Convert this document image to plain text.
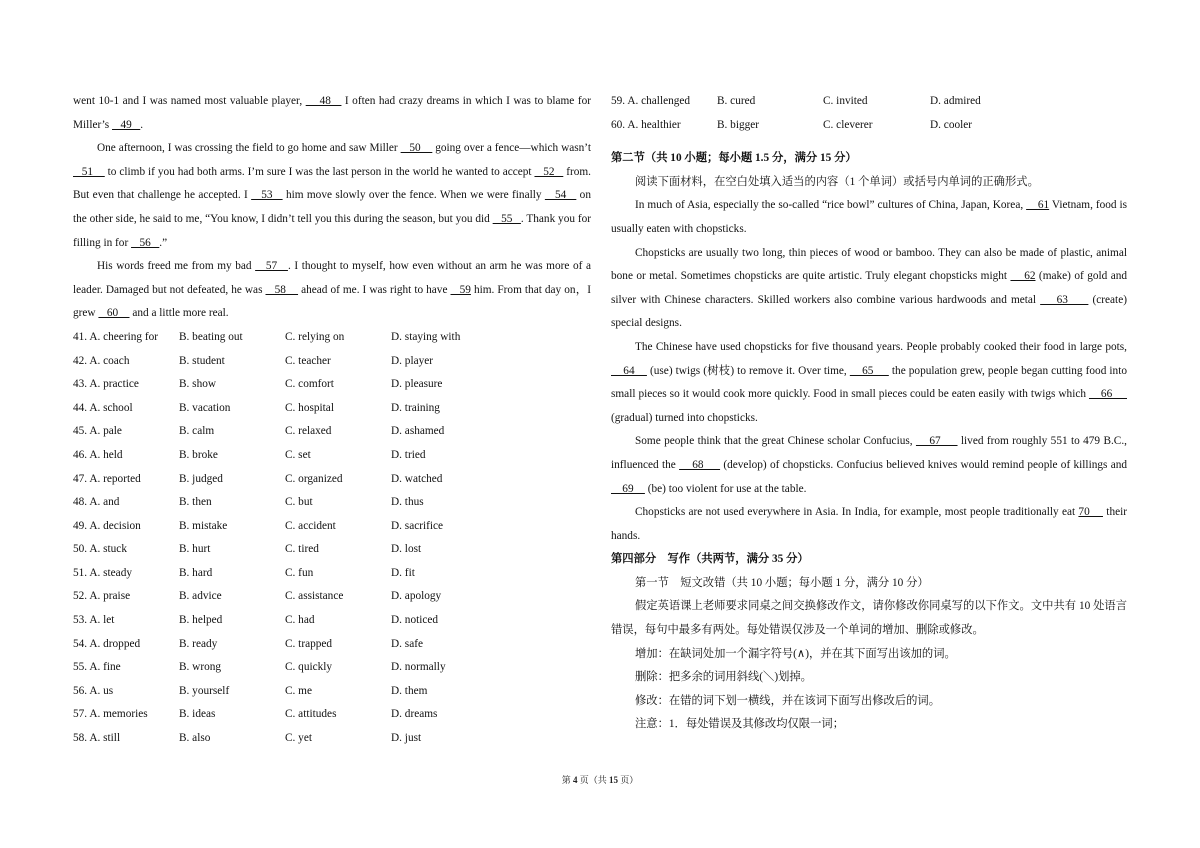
went 10-1 and I was named most valuable player,     48    I often had crazy dreams in which I was to blame for Miller’s    49   .

One afternoon, I was crossing the field to go home and saw Miller    50     going over a fence—which wasn’t    51     to climb if you had both arms. I’m sure I was the last person in the world he wanted to accept    52    from. But even that challenge he accepted. I    53    him move slowly over the fence. When we were finally    54    on the other side, he said to me, “You know, I didn’t tell you this during the season, but you did    55   . Thank you for filling in for    56   .”

His words freed me from my bad    57   . I thought to myself, how even without an arm he was more of a leader. Damaged but not defeated, he was    58     ahead of me. I was right to have    59 him. From that day on，I grew    60     and a little more real.

41. A. cheering for	B. beating out	C. relying on	D. staying with
42. A. coach	B. student	C. teacher	D. player
43. A. practice	B. show	C. comfort	D. pleasure
44. A. school	B. vacation	C. hospital	D. training
45. A. pale	B. calm	C. relaxed	D. ashamed
46. A. held	B. broke	C. set	D. tried
47. A. reported	B. judged	C. organized	D. watched
48. A. and	B. then	C. but	D. thus
49. A. decision	B. mistake	C. accident	D. sacrifice
50. A. stuck	B. hurt	C. tired	D. lost
51. A. steady	B. hard	C. fun	D. fit
52. A. praise	B. advice	C. assistance	D. apology
53. A. let	B. helped	C. had	D. noticed
54. A. dropped	B. ready	C. trapped	D. safe
55. A. fine	B. wrong	C. quickly	D. normally
56. A. us	B. yourself	C. me	D. them
57. A. memories	B. ideas	C. attitudes	D. dreams
58. A. still	B. also	C. yet	D. just
59. A. challenged	B. cured	C. invited	D. admired
60. A. healthier	B. bigger	C. cleverer	D. cooler

第二节（共 10 小题；每小题 1.5 分，满分 15 分）

阅读下面材料，在空白处填入适当的内容（1 个单词）或括号内单词的正确形式。

In much of Asia, especially the so-called “rice bowl” cultures of China, Japan, Korea,     61 Vietnam, food is usually eaten with chopsticks.

Chopsticks are usually two long, thin pieces of wood or bamboo. They can also be made of plastic, animal bone or metal. Sometimes chopsticks are quite artistic. Truly elegant chopsticks might     62 (make) of gold and silver with Chinese characters. Skilled workers also combine various hardwoods and metal     63      (create) special designs.

The Chinese have used chopsticks for five thousand years. People probably cooked their food in large pots,     64     (use) twigs (树枝) to remove it. Over time,     65      the population grew, people began cutting food into small pieces so it would cook more quickly. Food in small pieces could be eaten easily with twigs which     66      (gradual) turned into chopsticks.

Some people think that the great Chinese scholar Confucius,     67      lived from roughly 551 to 479 B.C., influenced the     68      (develop) of chopsticks. Confucius believed knives would remind people of killings and     69     (be) too violent for use at the table.

Chopsticks are not used everywhere in Asia. In India, for example, most people traditionally eat 70     their hands.

第四部分　写作（共两节，满分 35 分）

第一节　短文改错（共 10 小题；每小题 1 分，满分 10 分）

假定英语课上老师要求同桌之间交换修改作文，请你修改你同桌写的以下作文。文中共有 10 处语言错误，每句中最多有两处。每处错误仅涉及一个单词的增加、删除或修改。

增加：在缺词处加一个漏字符号(∧)，并在其下面写出该加的词。

删除：把多余的词用斜线(＼)划掉。

修改：在错的词下划一横线，并在该词下面写出修改后的词。

注意：1．每处错误及其修改均仅限一词；

第 4 页（共 15 页）
